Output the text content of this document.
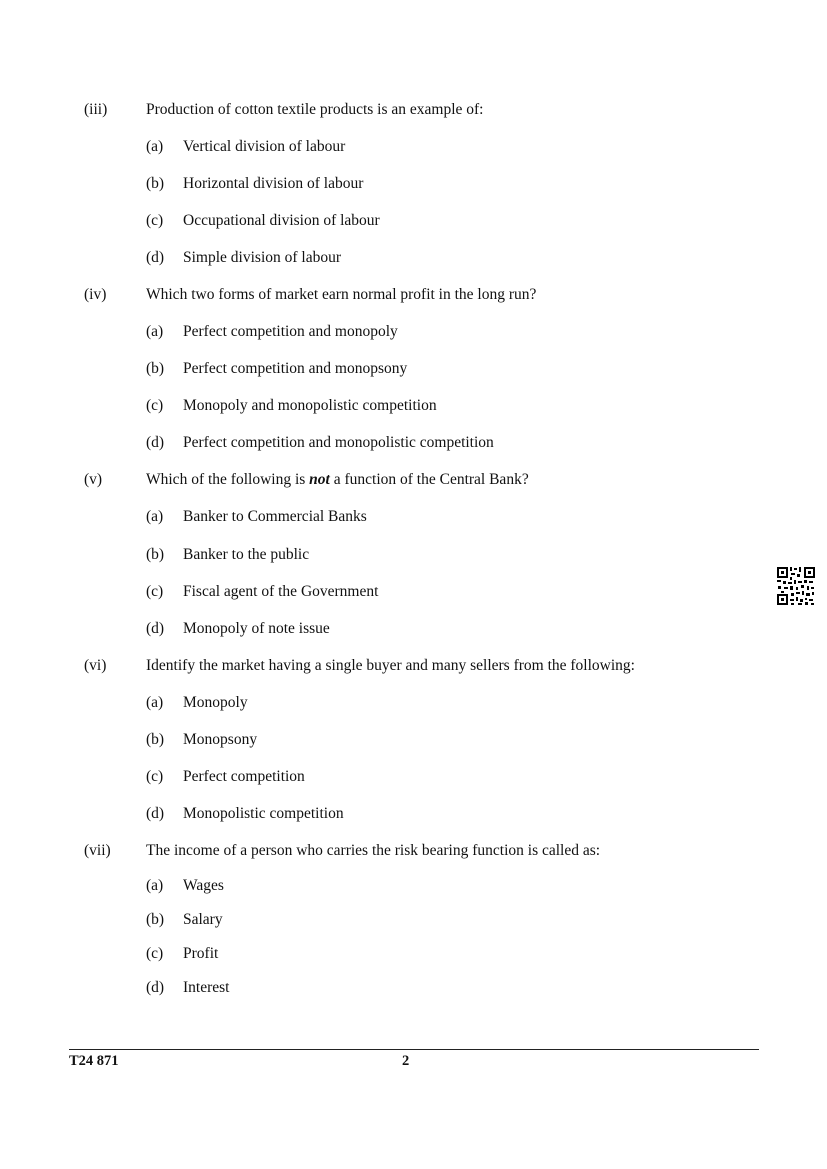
(iii)	Production of cotton textile products is an example of:
(a) Vertical division of labour
(b) Horizontal division of labour
(c) Occupational division of labour
(d) Simple division of labour
(iv)	Which two forms of market earn normal profit in the long run?
(a) Perfect competition and monopoly
(b) Perfect competition and monopsony
(c) Monopoly and monopolistic competition
(d) Perfect competition and monopolistic competition
(v)	Which of the following is not a function of the Central Bank?
(a) Banker to Commercial Banks
(b) Banker to the public
(c) Fiscal agent of the Government
(d) Monopoly of note issue
(vi)	Identify the market having a single buyer and many sellers from the following:
(a) Monopoly
(b) Monopsony
(c) Perfect competition
(d) Monopolistic competition
(vii) The income of a person who carries the risk bearing function is called as:
(a) Wages
(b) Salary
(c) Profit
(d) Interest
T24 871	2
